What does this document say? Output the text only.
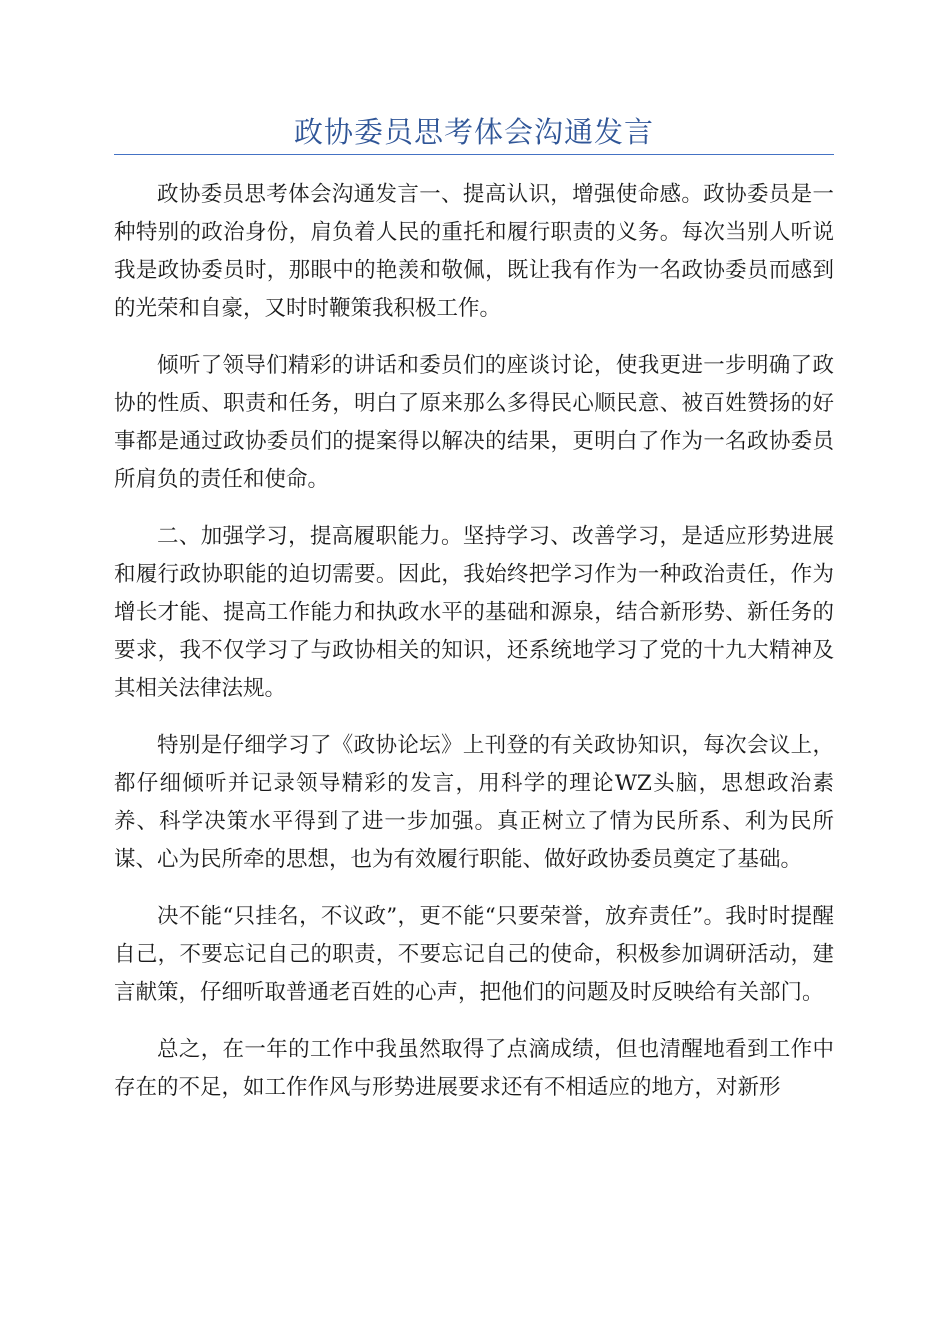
政协委员思考体会沟通发言

政协委员思考体会沟通发言一、提高认识，增强使命感。政协委员是一种特别的政治身份，肩负着人民的重托和履行职责的义务。每次当别人听说我是政协委员时，那眼中的艳羡和敬佩，既让我有作为一名政协委员而感到的光荣和自豪，又时时鞭策我积极工作。

倾听了领导们精彩的讲话和委员们的座谈讨论，使我更进一步明确了政协的性质、职责和任务，明白了原来那么多得民心顺民意、被百姓赞扬的好事都是通过政协委员们的提案得以解决的结果，更明白了作为一名政协委员所肩负的责任和使命。

二、加强学习，提高履职能力。坚持学习、改善学习，是适应形势进展和履行政协职能的迫切需要。因此，我始终把学习作为一种政治责任，作为增长才能、提高工作能力和执政水平的基础和源泉，结合新形势、新任务的要求，我不仅学习了与政协相关的知识，还系统地学习了党的十九大精神及其相关法律法规。

特别是仔细学习了《政协论坛》上刊登的有关政协知识，每次会议上，都仔细倾听并记录领导精彩的发言，用科学的理论WZ头脑，思想政治素养、科学决策水平得到了进一步加强。真正树立了情为民所系、利为民所谋、心为民所牵的思想，也为有效履行职能、做好政协委员奠定了基础。

决不能“只挂名，不议政”，更不能“只要荣誉，放弃责任”。我时时提醒自己，不要忘记自己的职责，不要忘记自己的使命，积极参加调研活动，建言献策，仔细听取普通老百姓的心声，把他们的问题及时反映给有关部门。

总之，在一年的工作中我虽然取得了点滴成绩，但也清醒地看到工作中存在的不足，如工作作风与形势进展要求还有不相适应的地方，对新形
